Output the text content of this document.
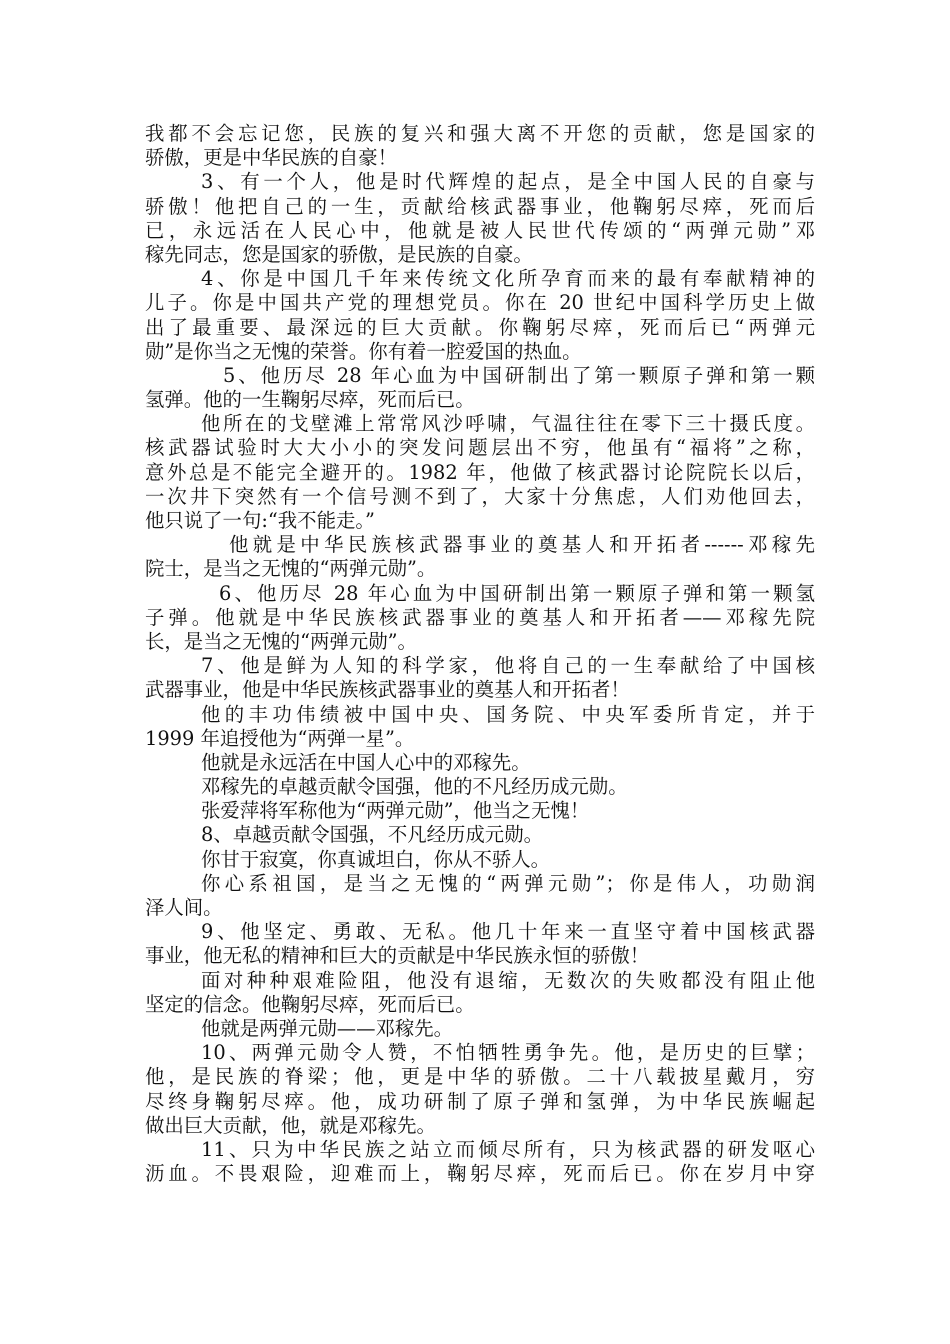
我都不会忘记您，民族的复兴和强大离不开您的贡献，您是国家的
骄傲，更是中华民族的自豪！
3、有一个人，他是时代辉煌的起点，是全中国人民的自豪与
骄傲！他把自己的一生，贡献给核武器事业，他鞠躬尽瘁，死而后
已，永远活在人民心中，他就是被人民世代传颂的“两弹元勋”邓
稼先同志，您是国家的骄傲，是民族的自豪。
4、你是中国几千年来传统文化所孕育而来的最有奉献精神的
儿子。你是中国共产党的理想党员。你在 20 世纪中国科学历史上做
出了最重要、最深远的巨大贡献。你鞠躬尽瘁，死而后已“两弹元
勋”是你当之无愧的荣誉。你有着一腔爱国的热血。
5、他历尽 28 年心血为中国研制出了第一颗原子弹和第一颗
氢弹。他的一生鞠躬尽瘁，死而后已。
他所在的戈壁滩上常常风沙呼啸，气温往往在零下三十摄氏度。
核武器试验时大大小小的突发问题层出不穷，他虽有“福将”之称，
意外总是不能完全避开的。1982 年，他做了核武器讨论院院长以后，
一次井下突然有一个信号测不到了，大家十分焦虑，人们劝他回去，
他只说了一句:“我不能走。”
他就是中华民族核武器事业的奠基人和开拓者------邓稼先
院士，是当之无愧的“两弹元勋”。
6、他历尽 28 年心血为中国研制出第一颗原子弹和第一颗氢
子弹。他就是中华民族核武器事业的奠基人和开拓者——邓稼先院
长，是当之无愧的“两弹元勋”。
7、他是鲜为人知的科学家，他将自己的一生奉献给了中国核
武器事业，他是中华民族核武器事业的奠基人和开拓者！
他的丰功伟绩被中国中央、国务院、中央军委所肯定，并于
1999 年追授他为“两弹一星”。
他就是永远活在中国人心中的邓稼先。
邓稼先的卓越贡献令国强，他的不凡经历成元勋。
张爱萍将军称他为“两弹元勋”，他当之无愧！
8、卓越贡献令国强，不凡经历成元勋。
你甘于寂寞，你真诚坦白，你从不骄人。
你心系祖国，是当之无愧的“两弹元勋”；你是伟人，功勋润
泽人间。
9、他坚定、勇敢、无私。他几十年来一直坚守着中国核武器
事业，他无私的精神和巨大的贡献是中华民族永恒的骄傲！
面对种种艰难险阻，他没有退缩，无数次的失败都没有阻止他
坚定的信念。他鞠躬尽瘁，死而后已。
他就是两弹元勋——邓稼先。
10、两弹元勋令人赞，不怕牺牲勇争先。他，是历史的巨擘；
他，是民族的脊梁；他，更是中华的骄傲。二十八载披星戴月，穷
尽终身鞠躬尽瘁。他，成功研制了原子弹和氢弹，为中华民族崛起
做出巨大贡献，他，就是邓稼先。
11、只为中华民族之站立而倾尽所有，只为核武器的研发呕心
沥血。不畏艰险，迎难而上，鞠躬尽瘁，死而后已。你在岁月中穿
